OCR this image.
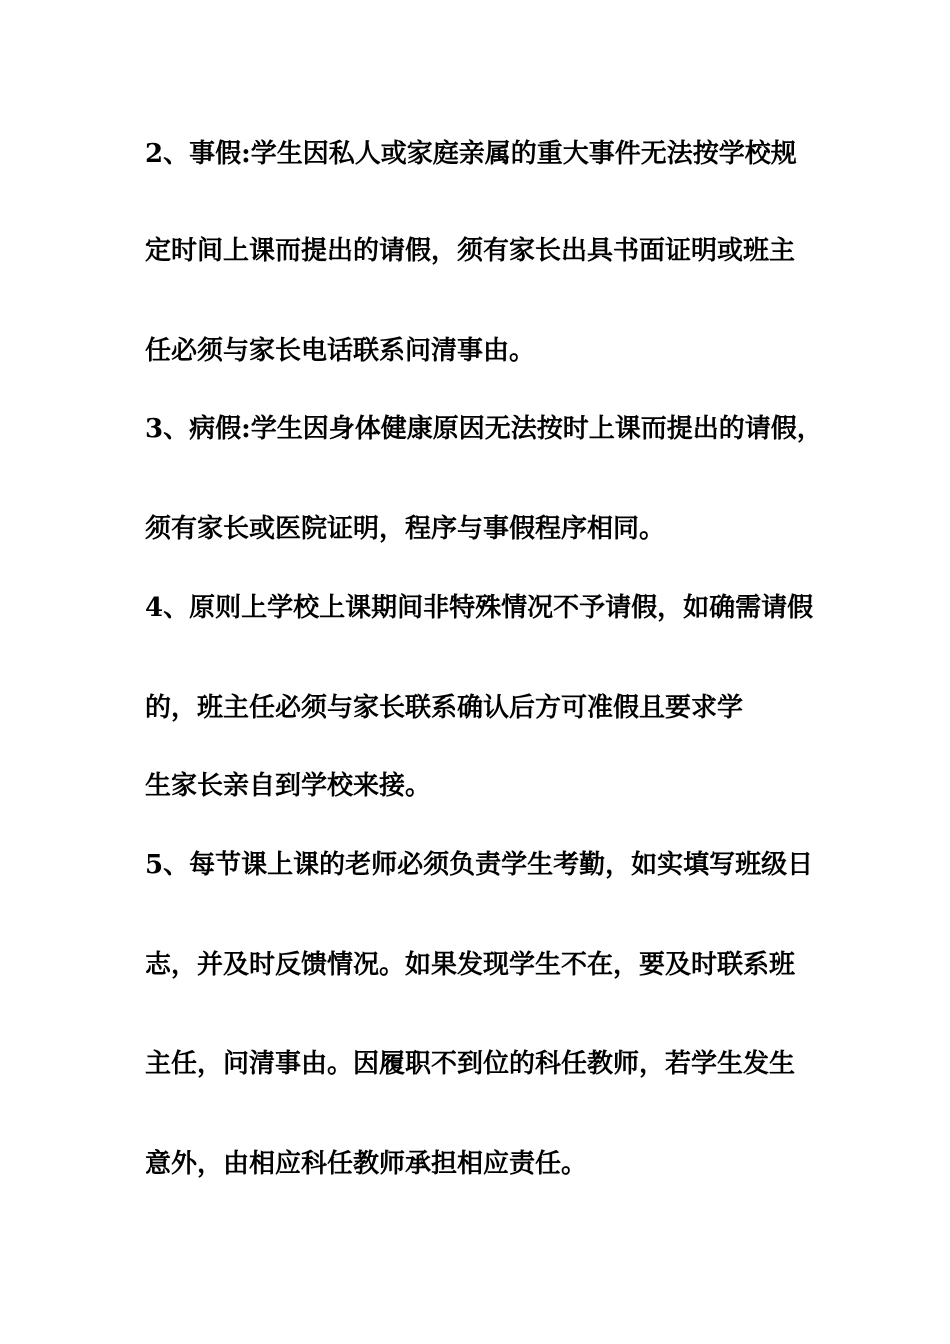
2、事假:学生因私人或家庭亲属的重大事件无法按学校规

定时间上课而提出的请假，须有家长出具书面证明或班主

任必须与家长电话联系问清事由。

3、病假:学生因身体健康原因无法按时上课而提出的请假，

须有家长或医院证明，程序与事假程序相同。

4、原则上学校上课期间非特殊情况不予请假，如确需请假

的，班主任必须与家长联系确认后方可准假且要求学

生家长亲自到学校来接。

5、每节课上课的老师必须负责学生考勤，如实填写班级日

志，并及时反馈情况。如果发现学生不在，要及时联系班

主任，问清事由。因履职不到位的科任教师，若学生发生

意外，由相应科任教师承担相应责任。
